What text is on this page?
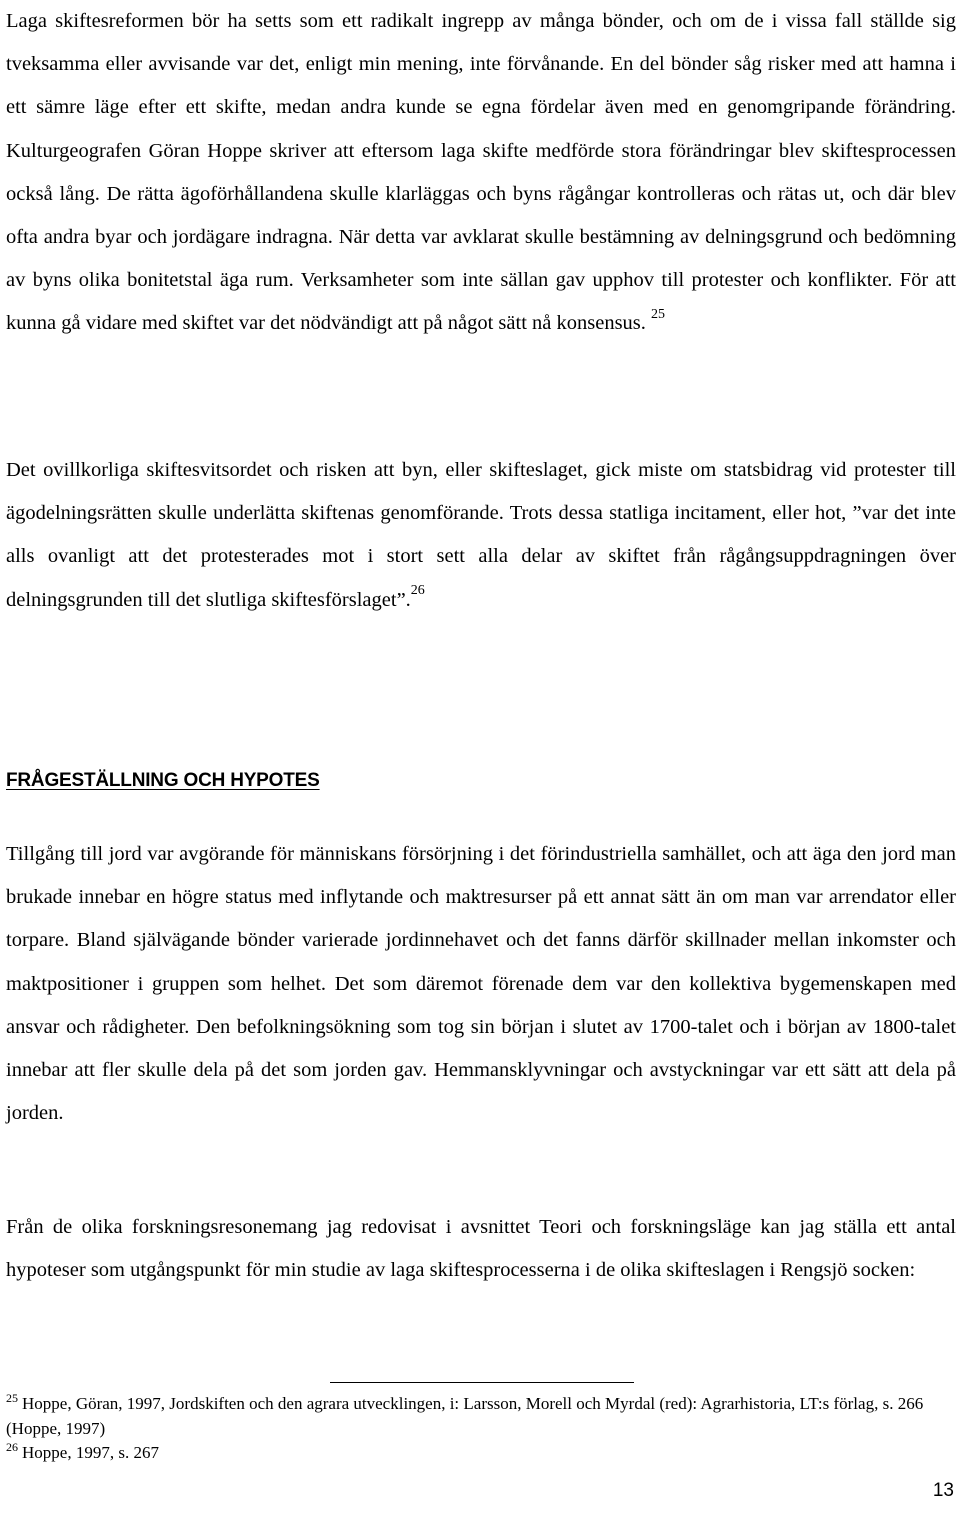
Laga skiftesreformen bör ha setts som ett radikalt ingrepp av många bönder, och om de i vissa fall ställde sig tveksamma eller avvisande var det, enligt min mening, inte förvånande. En del bönder såg risker med att hamna i ett sämre läge efter ett skifte, medan andra kunde se egna fördelar även med en genomgripande förändring. Kulturgeografen Göran Hoppe skriver att eftersom laga skifte medförde stora förändringar blev skiftesprocessen också lång. De rätta ägoförhållandena skulle klarläggas och byns rågångar kontrolleras och rätas ut, och där blev ofta andra byar och jordägare indragna. När detta var avklarat skulle bestämning av delningsgrund och bedömning av byns olika bonitetstal äga rum. Verksamheter som inte sällan gav upphov till protester och konflikter. För att kunna gå vidare med skiftet var det nödvändigt att på något sätt nå konsensus. $^{25}$

Det ovillkorliga skiftesvitsordet och risken att byn, eller skifteslaget, gick miste om statsbidrag vid protester till ägodelningsrätten skulle underlätta skiftenas genomförande. Trots dessa statliga incitament, eller hot, ”var det inte alls ovanligt att det protesterades mot i stort sett alla delar av skiftet från rågångsuppdragningen över delningsgrunden till det slutliga skiftesförslaget”.$^{26}$

FRÅGESTÄLLNING OCH HYPOTES

Tillgång till jord var avgörande för människans försörjning i det förindustriella samhället, och att äga den jord man brukade innebar en högre status med inflytande och maktresurser på ett annat sätt än om man var arrendator eller torpare. Bland självägande bönder varierade jordinnehavet och det fanns därför skillnader mellan inkomster och maktpositioner i gruppen som helhet. Det som däremot förenade dem var den kollektiva bygemenskapen med ansvar och rådigheter. Den befolkningsökning som tog sin början i slutet av 1700-talet och i början av 1800-talet innebar att fler skulle dela på det som jorden gav. Hemmansklyvningar och avstyckningar var ett sätt att dela på jorden.

Från de olika forskningsresonemang jag redovisat i avsnittet Teori och forskningsläge kan jag ställa ett antal hypoteser som utgångspunkt för min studie av laga skiftesprocesserna i de olika skifteslagen i Rengsjö socken:

$^{25}$ Hoppe, Göran, 1997, Jordskiften och den agrara utvecklingen, i: Larsson, Morell och Myrdal (red): Agrarhistoria, LT:s förlag, s. 266 (Hoppe, 1997)

$^{26}$ Hoppe, 1997, s. 267

13
